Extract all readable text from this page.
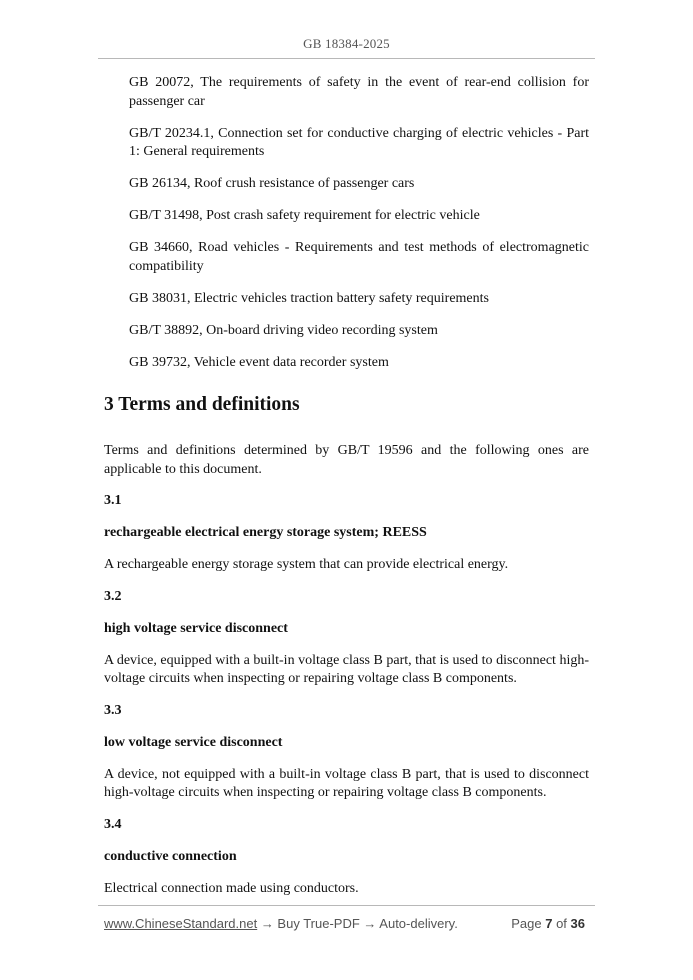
GB 18384-2025

GB 20072, The requirements of safety in the event of rear-end collision for passenger car

GB/T 20234.1, Connection set for conductive charging of electric vehicles - Part 1: General requirements

GB 26134, Roof crush resistance of passenger cars

GB/T 31498, Post crash safety requirement for electric vehicle

GB 34660, Road vehicles - Requirements and test methods of electromagnetic compatibility

GB 38031, Electric vehicles traction battery safety requirements

GB/T 38892, On-board driving video recording system

GB 39732, Vehicle event data recorder system

3 Terms and definitions

Terms and definitions determined by GB/T 19596 and the following ones are applicable to this document.

3.1

rechargeable electrical energy storage system; REESS

A rechargeable energy storage system that can provide electrical energy.

3.2

high voltage service disconnect

A device, equipped with a built-in voltage class B part, that is used to disconnect high-voltage circuits when inspecting or repairing voltage class B components.

3.3

low voltage service disconnect

A device, not equipped with a built-in voltage class B part, that is used to disconnect high-voltage circuits when inspecting or repairing voltage class B components.

3.4

conductive connection

Electrical connection made using conductors.

www.ChineseStandard.net → Buy True-PDF → Auto-delivery.	Page 7 of 36
